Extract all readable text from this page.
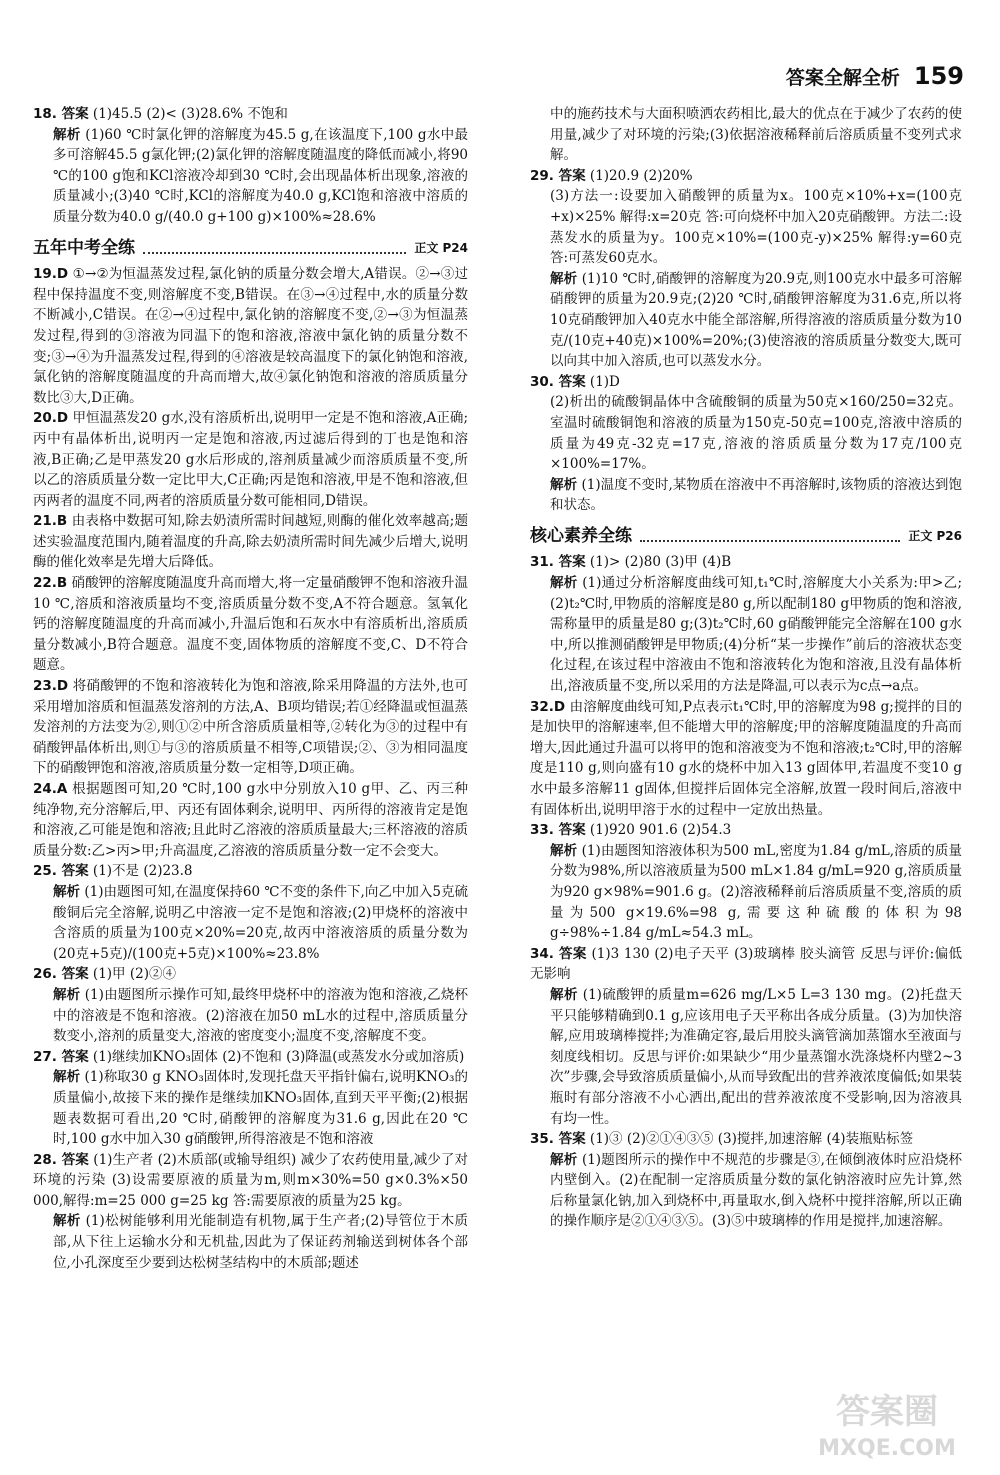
答案全解全析 159
18. 答案 (1)45.5 (2)< (3)28.6% 不饱和
解析 (1)60 ℃时氯化钾的溶解度为45.5 g,在该温度下,100 g水中最多可溶解45.5 g氯化钾;(2)氯化钾的溶解度随温度的降低而减小,将90 ℃的100 g饱和KCl溶液冷却到30 ℃时,会出现晶体析出现象,溶液的质量减小;(3)40 ℃时,KCl的溶解度为40.0 g,KCl饱和溶液中溶质的质量分数为40.0 g/(40.0 g+100 g)×100%≈28.6%
五年中考全练	正文 P24
19.D ①→②为恒温蒸发过程,氯化钠的质量分数会增大,A错误。②→③过程中保持温度不变,则溶解度不变,B错误。在③→④过程中,水的质量分数不断减小,C错误。在②→④过程中,氯化钠的溶解度不变,②→③为恒温蒸发过程,得到的③溶液为同温下的饱和溶液,溶液中氯化钠的质量分数不变;③→④为升温蒸发过程,得到的④溶液是较高温度下的氯化钠饱和溶液,氯化钠的溶解度随温度的升高而增大,故④氯化钠饱和溶液的溶质质量分数比③大,D正确。
20.D 甲恒温蒸发20 g水,没有溶质析出,说明甲一定是不饱和溶液,A正确;丙中有晶体析出,说明丙一定是饱和溶液,丙过滤后得到的丁也是饱和溶液,B正确;乙是甲蒸发20 g水后形成的,溶剂质量减少而溶质质量不变,所以乙的溶质质量分数一定比甲大,C正确;丙是饱和溶液,甲是不饱和溶液,但丙两者的温度不同,两者的溶质质量分数可能相同,D错误。
21.B 由表格中数据可知,除去奶渍所需时间越短,则酶的催化效率越高;题述实验温度范围内,随着温度的升高,除去奶渍所需时间先减少后增大,说明酶的催化效率是先增大后降低。
22.B 硝酸钾的溶解度随温度升高而增大,将一定量硝酸钾不饱和溶液升温10 ℃,溶质和溶液质量均不变,溶质质量分数不变,A不符合题意。氢氧化钙的溶解度随温度的升高而减小,升温后饱和石灰水中有溶质析出,溶质质量分数减小,B符合题意。温度不变,固体物质的溶解度不变,C、D不符合题意。
23.D 将硝酸钾的不饱和溶液转化为饱和溶液,除采用降温的方法外,也可采用增加溶质和恒温蒸发溶剂的方法,A、B项均错误;若①经降温或恒温蒸发溶剂的方法变为②,则①②中所含溶质质量相等,②转化为③的过程中有硝酸钾晶体析出,则①与③的溶质质量不相等,C项错误;②、③为相同温度下的硝酸钾饱和溶液,溶质质量分数一定相等,D项正确。
24.A 根据题图可知,20 ℃时,100 g水中分别放入10 g甲、乙、丙三种纯净物,充分溶解后,甲、丙还有固体剩余,说明甲、丙所得的溶液肯定是饱和溶液,乙可能是饱和溶液;且此时乙溶液的溶质质量最大;三杯溶液的溶质质量分数:乙>丙>甲;升高温度,乙溶液的溶质质量分数一定不会变大。
25. 答案 (1)不是 (2)23.8
解析 (1)由题图可知,在温度保持60 ℃不变的条件下,向乙中加入5克硫酸铜后完全溶解,说明乙中溶液一定不是饱和溶液;(2)甲烧杯的溶液中含溶质的质量为100克×20%=20克,故丙中溶液溶质的质量分数为(20克+5克)/(100克+5克)×100%≈23.8%
26. 答案 (1)甲 (2)②④
解析 (1)由题图所示操作可知,最终甲烧杯中的溶液为饱和溶液,乙烧杯中的溶液是不饱和溶液。(2)溶液在加50 mL水的过程中,溶质质量分数变小,溶剂的质量变大,溶液的密度变小;温度不变,溶解度不变。
27. 答案 (1)继续加KNO₃固体 (2)不饱和 (3)降温(或蒸发水分或加溶质)
解析 (1)称取30 g KNO₃固体时,发现托盘天平指针偏右,说明KNO₃的质量偏小,故接下来的操作是继续加KNO₃固体,直到天平平衡;(2)根据题表数据可看出,20 ℃时,硝酸钾的溶解度为31.6 g,因此在20 ℃时,100 g水中加入30 g硝酸钾,所得溶液是不饱和溶液
28. 答案 (1)生产者 (2)木质部(或输导组织) 减少了农药使用量,减少了对环境的污染 (3)设需要原液的质量为m,则m×30%=50 g×0.3%×50 000,解得:m=25 000 g=25 kg 答:需要原液的质量为25 kg。
解析 (1)松树能够利用光能制造有机物,属于生产者;(2)导管位于木质部,从下往上运输水分和无机盐,因此为了保证药剂输送到树体各个部位,小孔深度至少要到达松树茎结构中的木质部;题述
中的施药技术与大面积喷洒农药相比,最大的优点在于减少了农药的使用量,减少了对环境的污染;(3)依据溶液稀释前后溶质质量不变列式求解。
29. 答案 (1)20.9 (2)20%
(3)方法一:设要加入硝酸钾的质量为x。100克×10%+x=(100克+x)×25% 解得:x=20克 答:可向烧杯中加入20克硝酸钾。方法二:设蒸发水的质量为y。100克×10%=(100克-y)×25% 解得:y=60克 答:可蒸发60克水。
解析 (1)10 ℃时,硝酸钾的溶解度为20.9克,则100克水中最多可溶解硝酸钾的质量为20.9克;(2)20 ℃时,硝酸钾溶解度为31.6克,所以将10克硝酸钾加入40克水中能全部溶解,所得溶液的溶质质量分数为10克/(10克+40克)×100%=20%;(3)使溶液的溶质质量分数变大,既可以向其中加入溶质,也可以蒸发水分。
30. 答案 (1)D
(2)析出的硫酸铜晶体中含硫酸铜的质量为50克×160/250=32克。室温时硫酸铜饱和溶液的质量为150克-50克=100克,溶液中溶质的质量为49克-32克=17克,溶液的溶质质量分数为17克/100克×100%=17%。
解析 (1)温度不变时,某物质在溶液中不再溶解时,该物质的溶液达到饱和状态。
核心素养全练	正文 P26
31. 答案 (1)> (2)80 (3)甲 (4)B
解析 (1)通过分析溶解度曲线可知,t₁℃时,溶解度大小关系为:甲>乙;(2)t₂℃时,甲物质的溶解度是80 g,所以配制180 g甲物质的饱和溶液,需称量甲的质量是80 g;(3)t₂℃时,60 g硝酸钾能完全溶解在100 g水中,所以推测硝酸钾是甲物质;(4)分析“某一步操作”前后的溶液状态变化过程,在该过程中溶液由不饱和溶液转化为饱和溶液,且没有晶体析出,溶液质量不变,所以采用的方法是降温,可以表示为c点→a点。
32.D 由溶解度曲线可知,P点表示t₁℃时,甲的溶解度为98 g;搅拌的目的是加快甲的溶解速率,但不能增大甲的溶解度;甲的溶解度随温度的升高而增大,因此通过升温可以将甲的饱和溶液变为不饱和溶液;t₂℃时,甲的溶解度是110 g,则向盛有10 g水的烧杯中加入13 g固体甲,若温度不变10 g水中最多溶解11 g固体,但搅拌后固体完全溶解,放置一段时间后,溶液中有固体析出,说明甲溶于水的过程中一定放出热量。
33. 答案 (1)920 901.6 (2)54.3
解析 (1)由题图知溶液体积为500 mL,密度为1.84 g/mL,溶质的质量分数为98%,所以溶液质量为500 mL×1.84 g/mL=920 g,溶质质量为920 g×98%=901.6 g。(2)溶液稀释前后溶质质量不变,溶质的质量为500 g×19.6%=98 g,需要这种硫酸的体积为98 g÷98%÷1.84 g/mL≈54.3 mL。
34. 答案 (1)3 130 (2)电子天平 (3)玻璃棒 胶头滴管 反思与评价:偏低 无影响
解析 (1)硫酸钾的质量m=626 mg/L×5 L=3 130 mg。(2)托盘天平只能够精确到0.1 g,应该用电子天平称出各成分质量。(3)为加快溶解,应用玻璃棒搅拌;为准确定容,最后用胶头滴管滴加蒸馏水至液面与刻度线相切。反思与评价:如果缺少“用少量蒸馏水洗涤烧杯内壁2~3次”步骤,会导致溶质质量偏小,从而导致配出的营养液浓度偏低;如果装瓶时有部分溶液不小心洒出,配出的营养液浓度不受影响,因为溶液具有均一性。
35. 答案 (1)③ (2)②①④③⑤ (3)搅拌,加速溶解 (4)装瓶贴标签
解析 (1)题图所示的操作中不规范的步骤是③,在倾倒液体时应沿烧杯内壁倒入。(2)在配制一定溶质质量分数的氯化钠溶液时应先计算,然后称量氯化钠,加入到烧杯中,再量取水,倒入烧杯中搅拌溶解,所以正确的操作顺序是②①④③⑤。(3)⑤中玻璃棒的作用是搅拌,加速溶解。
答案圈
MXQE.COM
